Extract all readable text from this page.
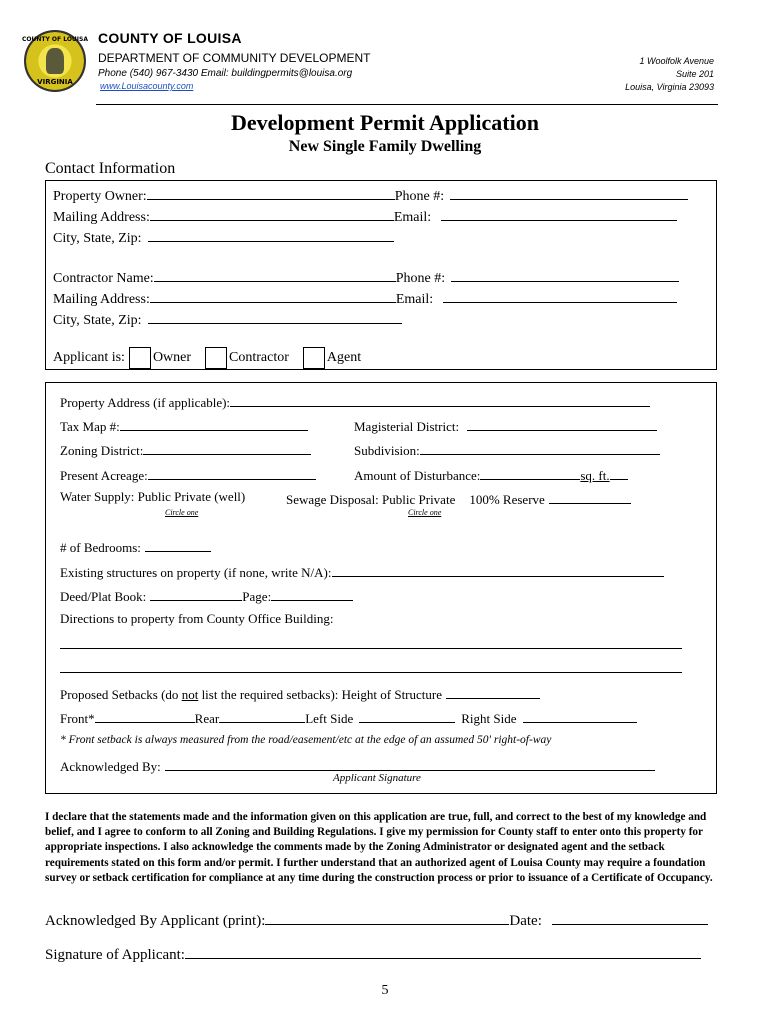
COUNTY OF LOUISA
VIRGINIA
COUNTY OF LOUISA
DEPARTMENT OF COMMUNITY DEVELOPMENT
Phone (540) 967-3430 Email: buildingpermits@louisa.org
www.Louisacounty.com
1 Woolfolk Avenue
Suite 201
Louisa, Virginia 23093
Development Permit Application
New Single Family Dwelling
Contact Information
Property Owner:	Phone #:
Mailing Address:	Email:
City, State, Zip:
Contractor Name:	Phone #:
Mailing Address:	Email:
City, State, Zip:
Applicant is: Owner	Contractor	Agent
Property Address (if applicable):
Tax Map #:	Magisterial District:
Zoning District:	Subdivision:
Present Acreage:	Amount of Disturbance:	sq. ft.
Water Supply: Public Private (well)	Sewage Disposal: Public Private 100% Reserve
Circle one	Circle one
# of Bedrooms:
Existing structures on property (if none, write N/A):
Deed/Plat Book:	Page:
Directions to property from County Office Building:
Proposed Setbacks (do not list the required setbacks): Height of Structure
Front*	Rear	Left Side	Right Side
* Front setback is always measured from the road/easement/etc at the edge of an assumed 50' right-of-way
Acknowledged By:
Applicant Signature
I declare that the statements made and the information given on this application are true, full, and correct to the best of my knowledge and belief, and I agree to conform to all Zoning and Building Regulations. I give my permission for County staff to enter onto this property for appropriate inspections. I also acknowledge the comments made by the Zoning Administrator or designated agent and the setback requirements stated on this form and/or permit. I further understand that an authorized agent of Louisa County may require a foundation survey or setback certification for compliance at any time during the construction process or prior to issuance of a Certificate of Occupancy.
Acknowledged By Applicant (print):	Date:
Signature of Applicant:
5
